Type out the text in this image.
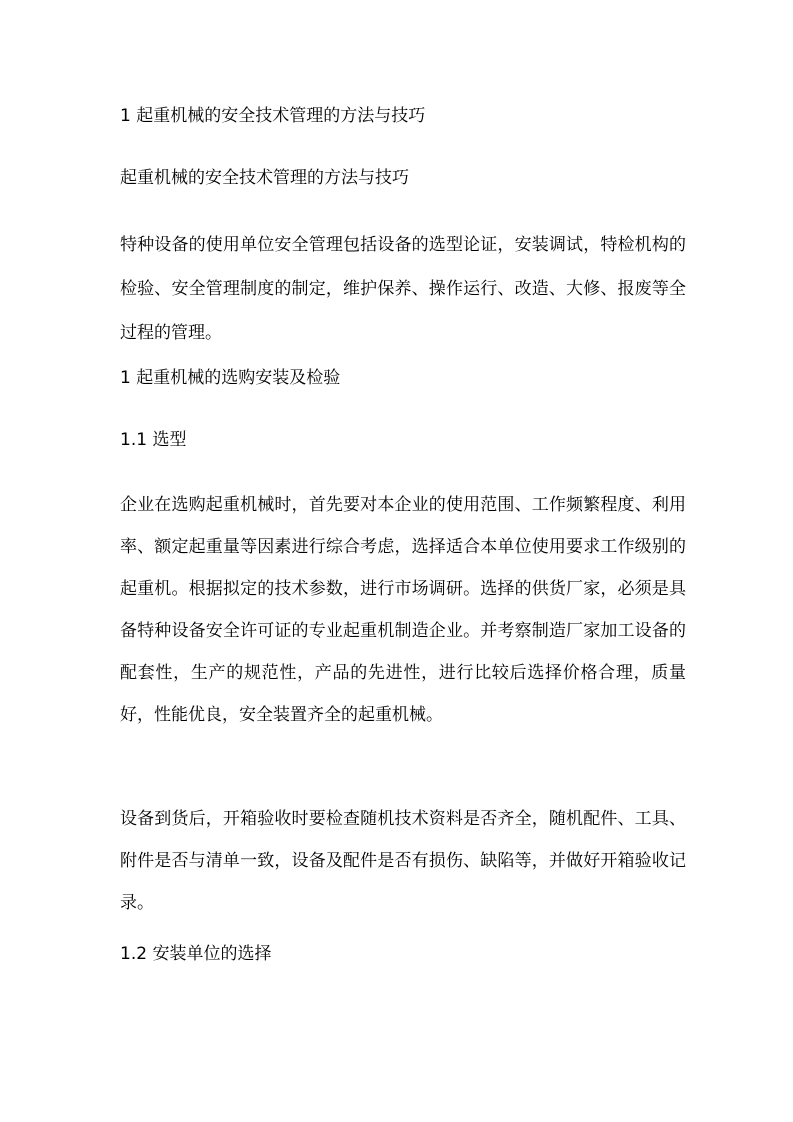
1 起重机械的安全技术管理的方法与技巧
起重机械的安全技术管理的方法与技巧
特种设备的使用单位安全管理包括设备的选型论证，安装调试，特检机构的检验、安全管理制度的制定，维护保养、操作运行、改造、大修、报废等全过程的管理。
1 起重机械的选购安装及检验
1.1 选型
企业在选购起重机械时，首先要对本企业的使用范围、工作频繁程度、利用率、额定起重量等因素进行综合考虑，选择适合本单位使用要求工作级别的起重机。根据拟定的技术参数，进行市场调研。选择的供货厂家，必须是具备特种设备安全许可证的专业起重机制造企业。并考察制造厂家加工设备的配套性，生产的规范性，产品的先进性，进行比较后选择价格合理，质量好，性能优良，安全装置齐全的起重机械。
设备到货后，开箱验收时要检查随机技术资料是否齐全，随机配件、工具、附件是否与清单一致，设备及配件是否有损伤、缺陷等，并做好开箱验收记录。
1.2 安装单位的选择
